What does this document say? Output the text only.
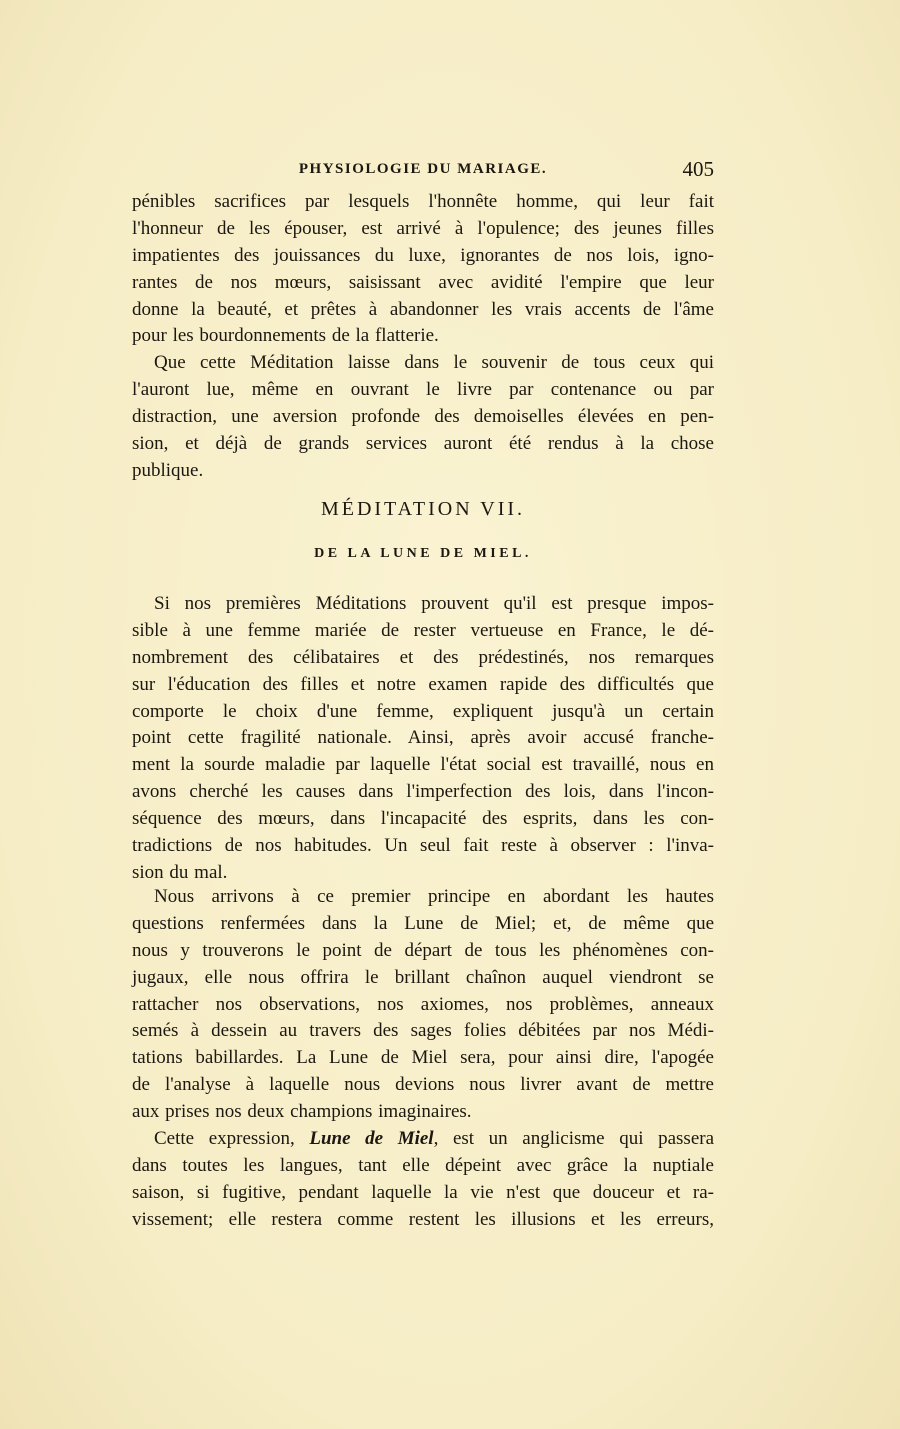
PHYSIOLOGIE DU MARIAGE.	405
pénibles sacrifices par lesquels l'honnête homme, qui leur fait
l'honneur de les épouser, est arrivé à l'opulence; des jeunes filles
impatientes des jouissances du luxe, ignorantes de nos lois, igno-
rantes de nos mœurs, saisissant avec avidité l'empire que leur
donne la beauté, et prêtes à abandonner les vrais accents de l'âme
pour les bourdonnements de la flatterie.
Que cette Méditation laisse dans le souvenir de tous ceux qui
l'auront lue, même en ouvrant le livre par contenance ou par
distraction, une aversion profonde des demoiselles élevées en pen-
sion, et déjà de grands services auront été rendus à la chose
publique.
MÉDITATION VII.
DE LA LUNE DE MIEL.
Si nos premières Méditations prouvent qu'il est presque impos-
sible à une femme mariée de rester vertueuse en France, le dé-
nombrement des célibataires et des prédestinés, nos remarques
sur l'éducation des filles et notre examen rapide des difficultés que
comporte le choix d'une femme, expliquent jusqu'à un certain
point cette fragilité nationale. Ainsi, après avoir accusé franche-
ment la sourde maladie par laquelle l'état social est travaillé, nous en
avons cherché les causes dans l'imperfection des lois, dans l'incon-
séquence des mœurs, dans l'incapacité des esprits, dans les con-
tradictions de nos habitudes. Un seul fait reste à observer : l'inva-
sion du mal.
Nous arrivons à ce premier principe en abordant les hautes
questions renfermées dans la Lune de Miel; et, de même que
nous y trouverons le point de départ de tous les phénomènes con-
jugaux, elle nous offrira le brillant chaînon auquel viendront se
rattacher nos observations, nos axiomes, nos problèmes, anneaux
semés à dessein au travers des sages folies débitées par nos Médi-
tations babillardes. La Lune de Miel sera, pour ainsi dire, l'apogée
de l'analyse à laquelle nous devions nous livrer avant de mettre
aux prises nos deux champions imaginaires.
Cette expression, Lune de Miel, est un anglicisme qui passera
dans toutes les langues, tant elle dépeint avec grâce la nuptiale
saison, si fugitive, pendant laquelle la vie n'est que douceur et ra-
vissement; elle restera comme restent les illusions et les erreurs,
